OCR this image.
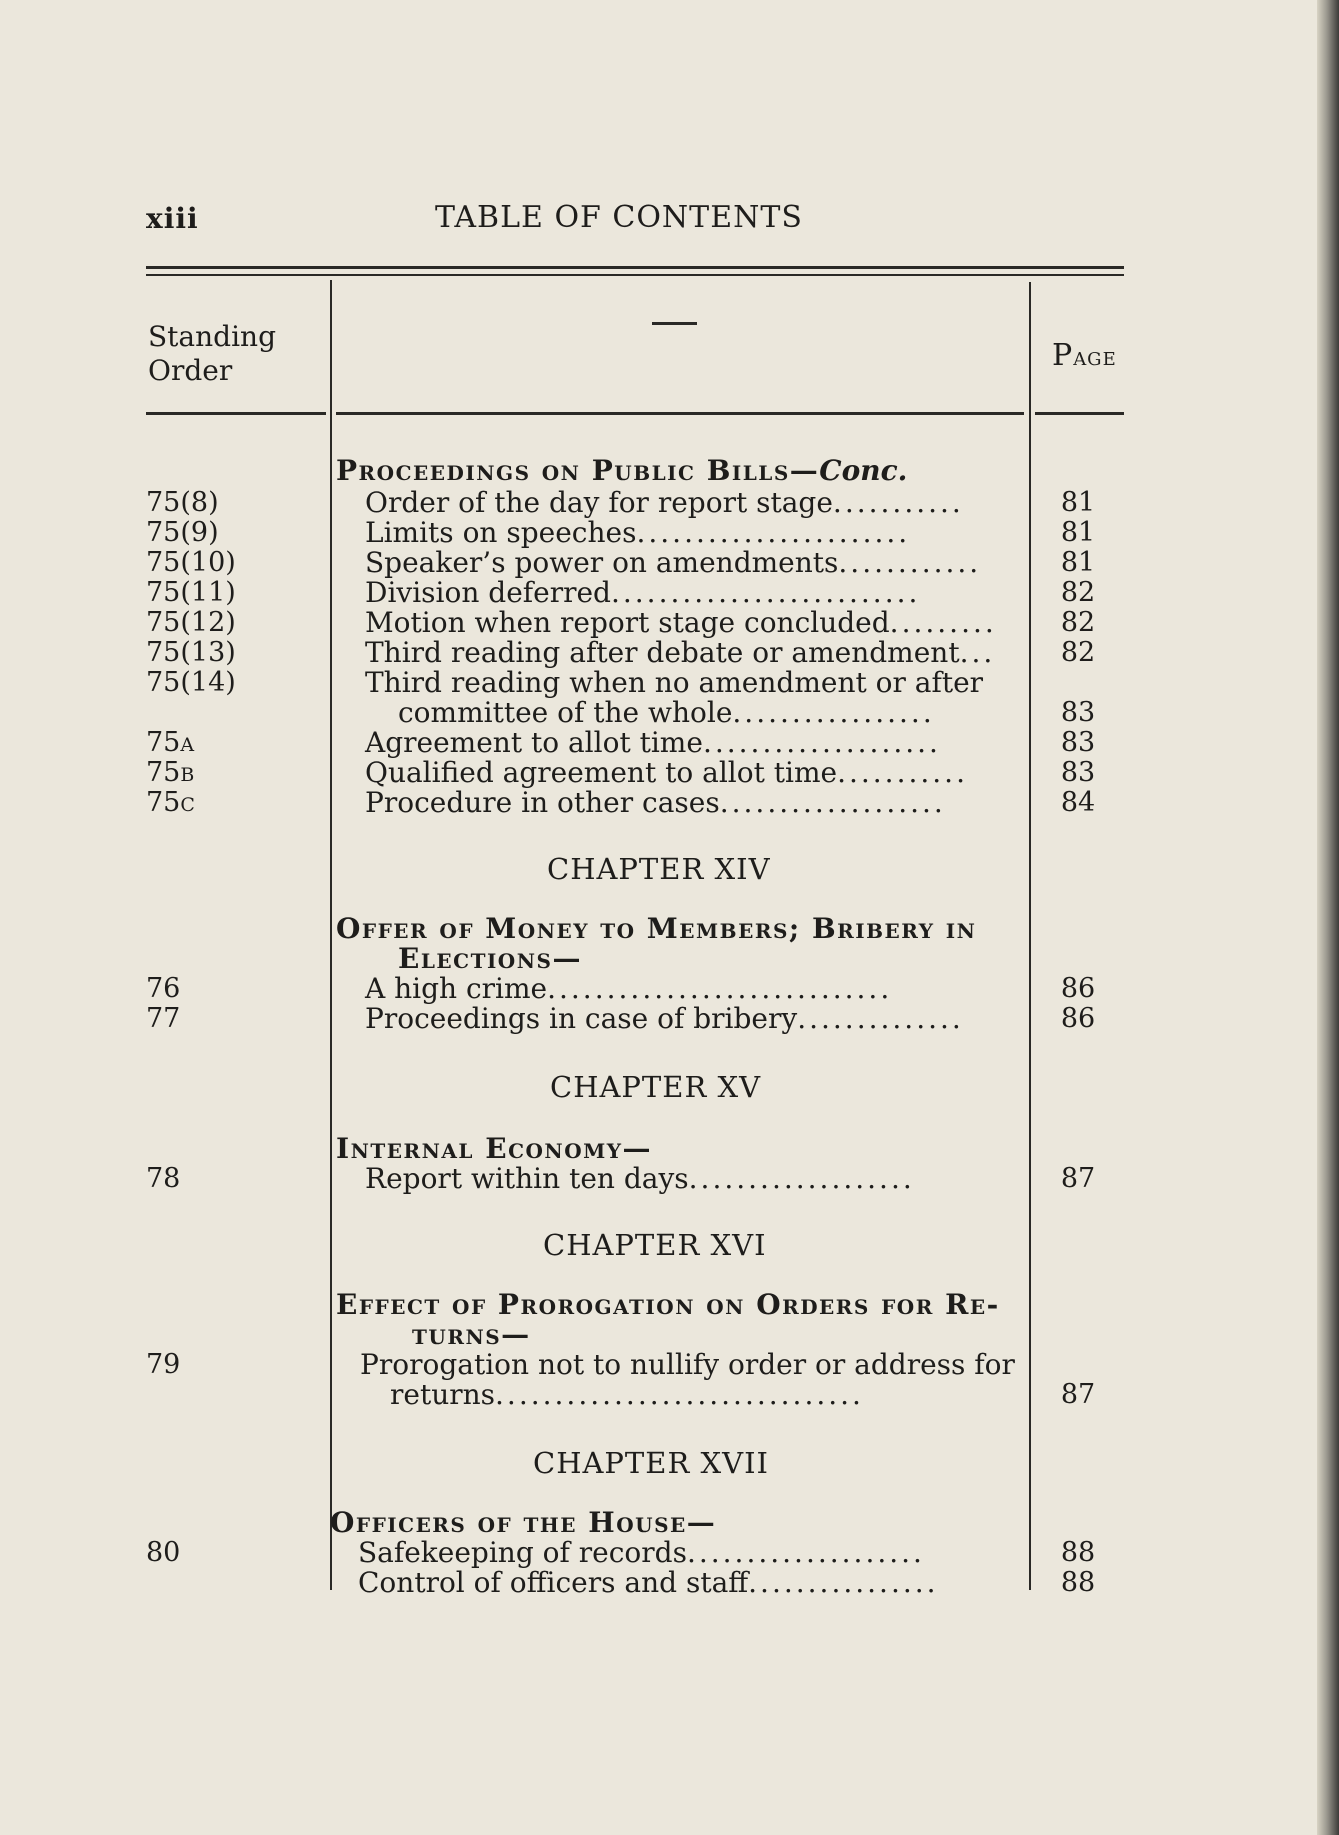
xiii	TABLE OF CONTENTS
Standing
Order	Page
Proceedings on Public Bills—Conc.
75(8)	Order of the day for report stage...........	81
75(9)	Limits on speeches.......................	81
75(10)	Speaker’s power on amendments............	81
75(11)	Division deferred..........................	82
75(12)	Motion when report stage concluded.........	82
75(13)	Third reading after debate or amendment...	82
75(14)	Third reading when no amendment or after
committee of the whole.................	83
75A	Agreement to allot time....................	83
75B	Qualified agreement to allot time...........	83
75C	Procedure in other cases...................	84
CHAPTER XIV
Offer of Money to Members; Bribery in
Elections—
76	A high crime.............................	86
77	Proceedings in case of bribery..............	86
CHAPTER XV
Internal Economy—
78	Report within ten days...................	87
CHAPTER XVI
Effect of Prorogation on Orders for Re-
turns—
79	Prorogation not to nullify order or address for
returns...............................	87
CHAPTER XVII
Officers of the House—
80	Safekeeping of records....................	88
Control of officers and staff................	88
